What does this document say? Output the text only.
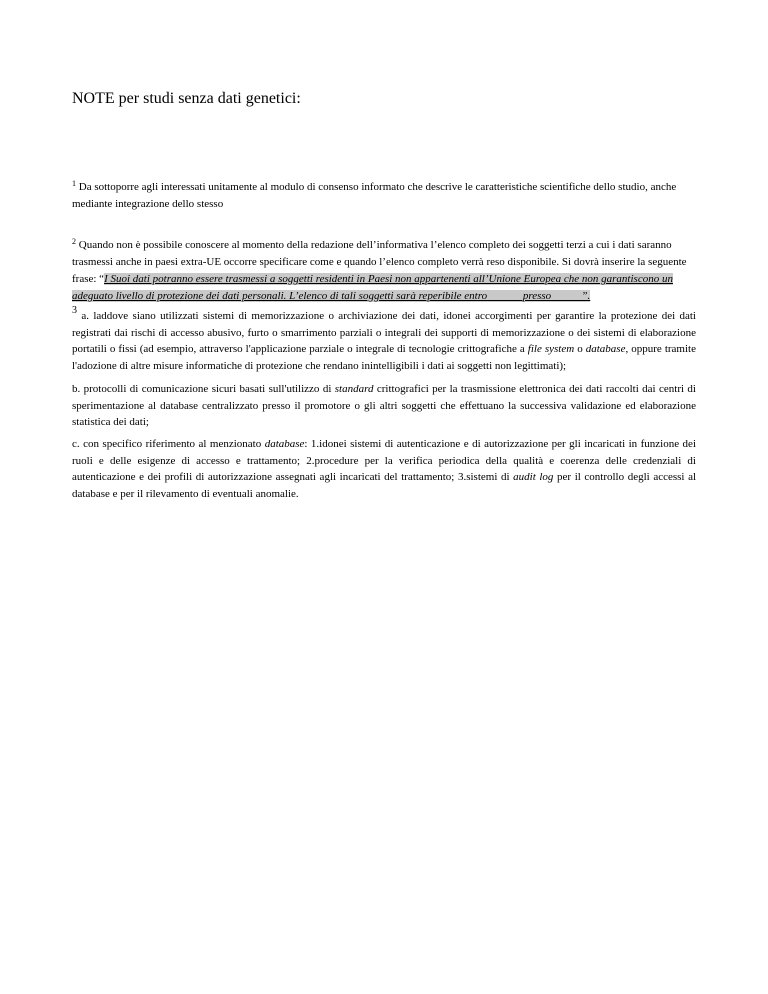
NOTE per studi senza dati genetici:

$^1$ Da sottoporre agli interessati unitamente al modulo di consenso informato che descrive le caratteristiche scientifiche dello studio, anche mediante integrazione dello stesso

$^2$ Quando non è possibile conoscere al momento della redazione dell’informativa l’elenco completo dei soggetti terzi a cui i dati saranno trasmessi anche in paesi extra-UE occorre specificare come e quando l’elenco completo verrà reso disponibile. Si dovrà inserire la seguente frase: “I Suoi dati potranno essere trasmessi a soggetti residenti in Paesi non appartenenti all’Unione Europea che non garantiscono un adeguato livello di protezione dei dati personali. L’elenco di tali soggetti sarà reperibile entro ______presso _____”.

3 a. laddove siano utilizzati sistemi di memorizzazione o archiviazione dei dati, idonei accorgimenti per garantire la protezione dei dati registrati dai rischi di accesso abusivo, furto o smarrimento parziali o integrali dei supporti di memorizzazione o dei sistemi di elaborazione portatili o fissi (ad esempio, attraverso l'applicazione parziale o integrale di tecnologie crittografiche a file system o database, oppure tramite l'adozione di altre misure informatiche di protezione che rendano inintelligibili i dati ai soggetti non legittimati);

b. protocolli di comunicazione sicuri basati sull'utilizzo di standard crittografici per la trasmissione elettronica dei dati raccolti dai centri di sperimentazione al database centralizzato presso il promotore o gli altri soggetti che effettuano la successiva validazione ed elaborazione statistica dei dati;

c. con specifico riferimento al menzionato database: 1.idonei sistemi di autenticazione e di autorizzazione per gli incaricati in funzione dei ruoli e delle esigenze di accesso e trattamento; 2.procedure per la verifica periodica della qualità e coerenza delle credenziali di autenticazione e dei profili di autorizzazione assegnati agli incaricati del trattamento; 3.sistemi di audit log per il controllo degli accessi al database e per il rilevamento di eventuali anomalie.
